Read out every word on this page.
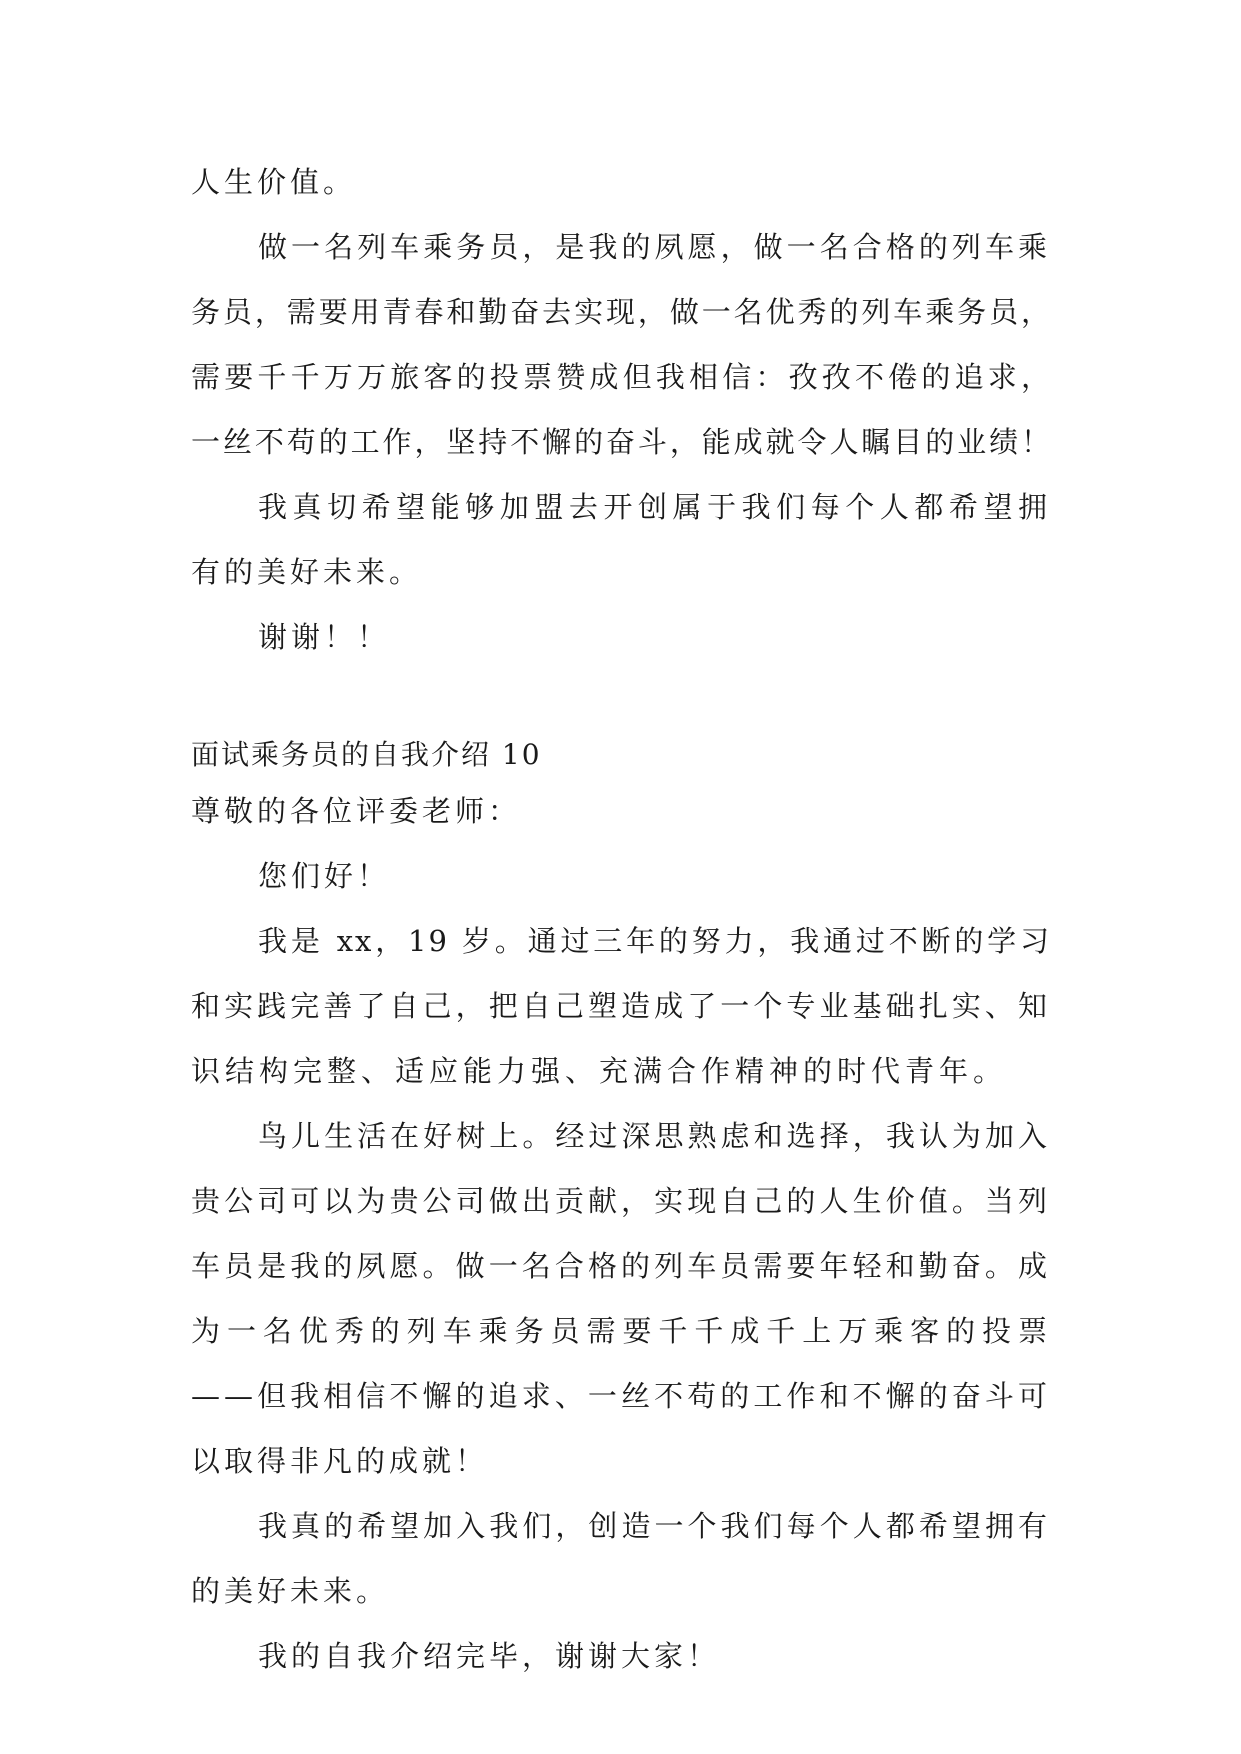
人生价值。
做一名列车乘务员，是我的夙愿，做一名合格的列车乘
务员，需要用青春和勤奋去实现，做一名优秀的列车乘务员，
需要千千万万旅客的投票赞成但我相信：孜孜不倦的追求，
一丝不苟的工作，坚持不懈的奋斗，能成就令人瞩目的业绩！
我真切希望能够加盟去开创属于我们每个人都希望拥
有的美好未来。
谢谢！！
面试乘务员的自我介绍 10
尊敬的各位评委老师：
您们好！
我是 xx，19 岁。通过三年的努力，我通过不断的学习
和实践完善了自己，把自己塑造成了一个专业基础扎实、知
识结构完整、适应能力强、充满合作精神的时代青年。
鸟儿生活在好树上。经过深思熟虑和选择，我认为加入
贵公司可以为贵公司做出贡献，实现自己的人生价值。当列
车员是我的夙愿。做一名合格的列车员需要年轻和勤奋。成
为一名优秀的列车乘务员需要千千成千上万乘客的投票
——但我相信不懈的追求、一丝不苟的工作和不懈的奋斗可
以取得非凡的成就！
我真的希望加入我们，创造一个我们每个人都希望拥有
的美好未来。
我的自我介绍完毕，谢谢大家！
